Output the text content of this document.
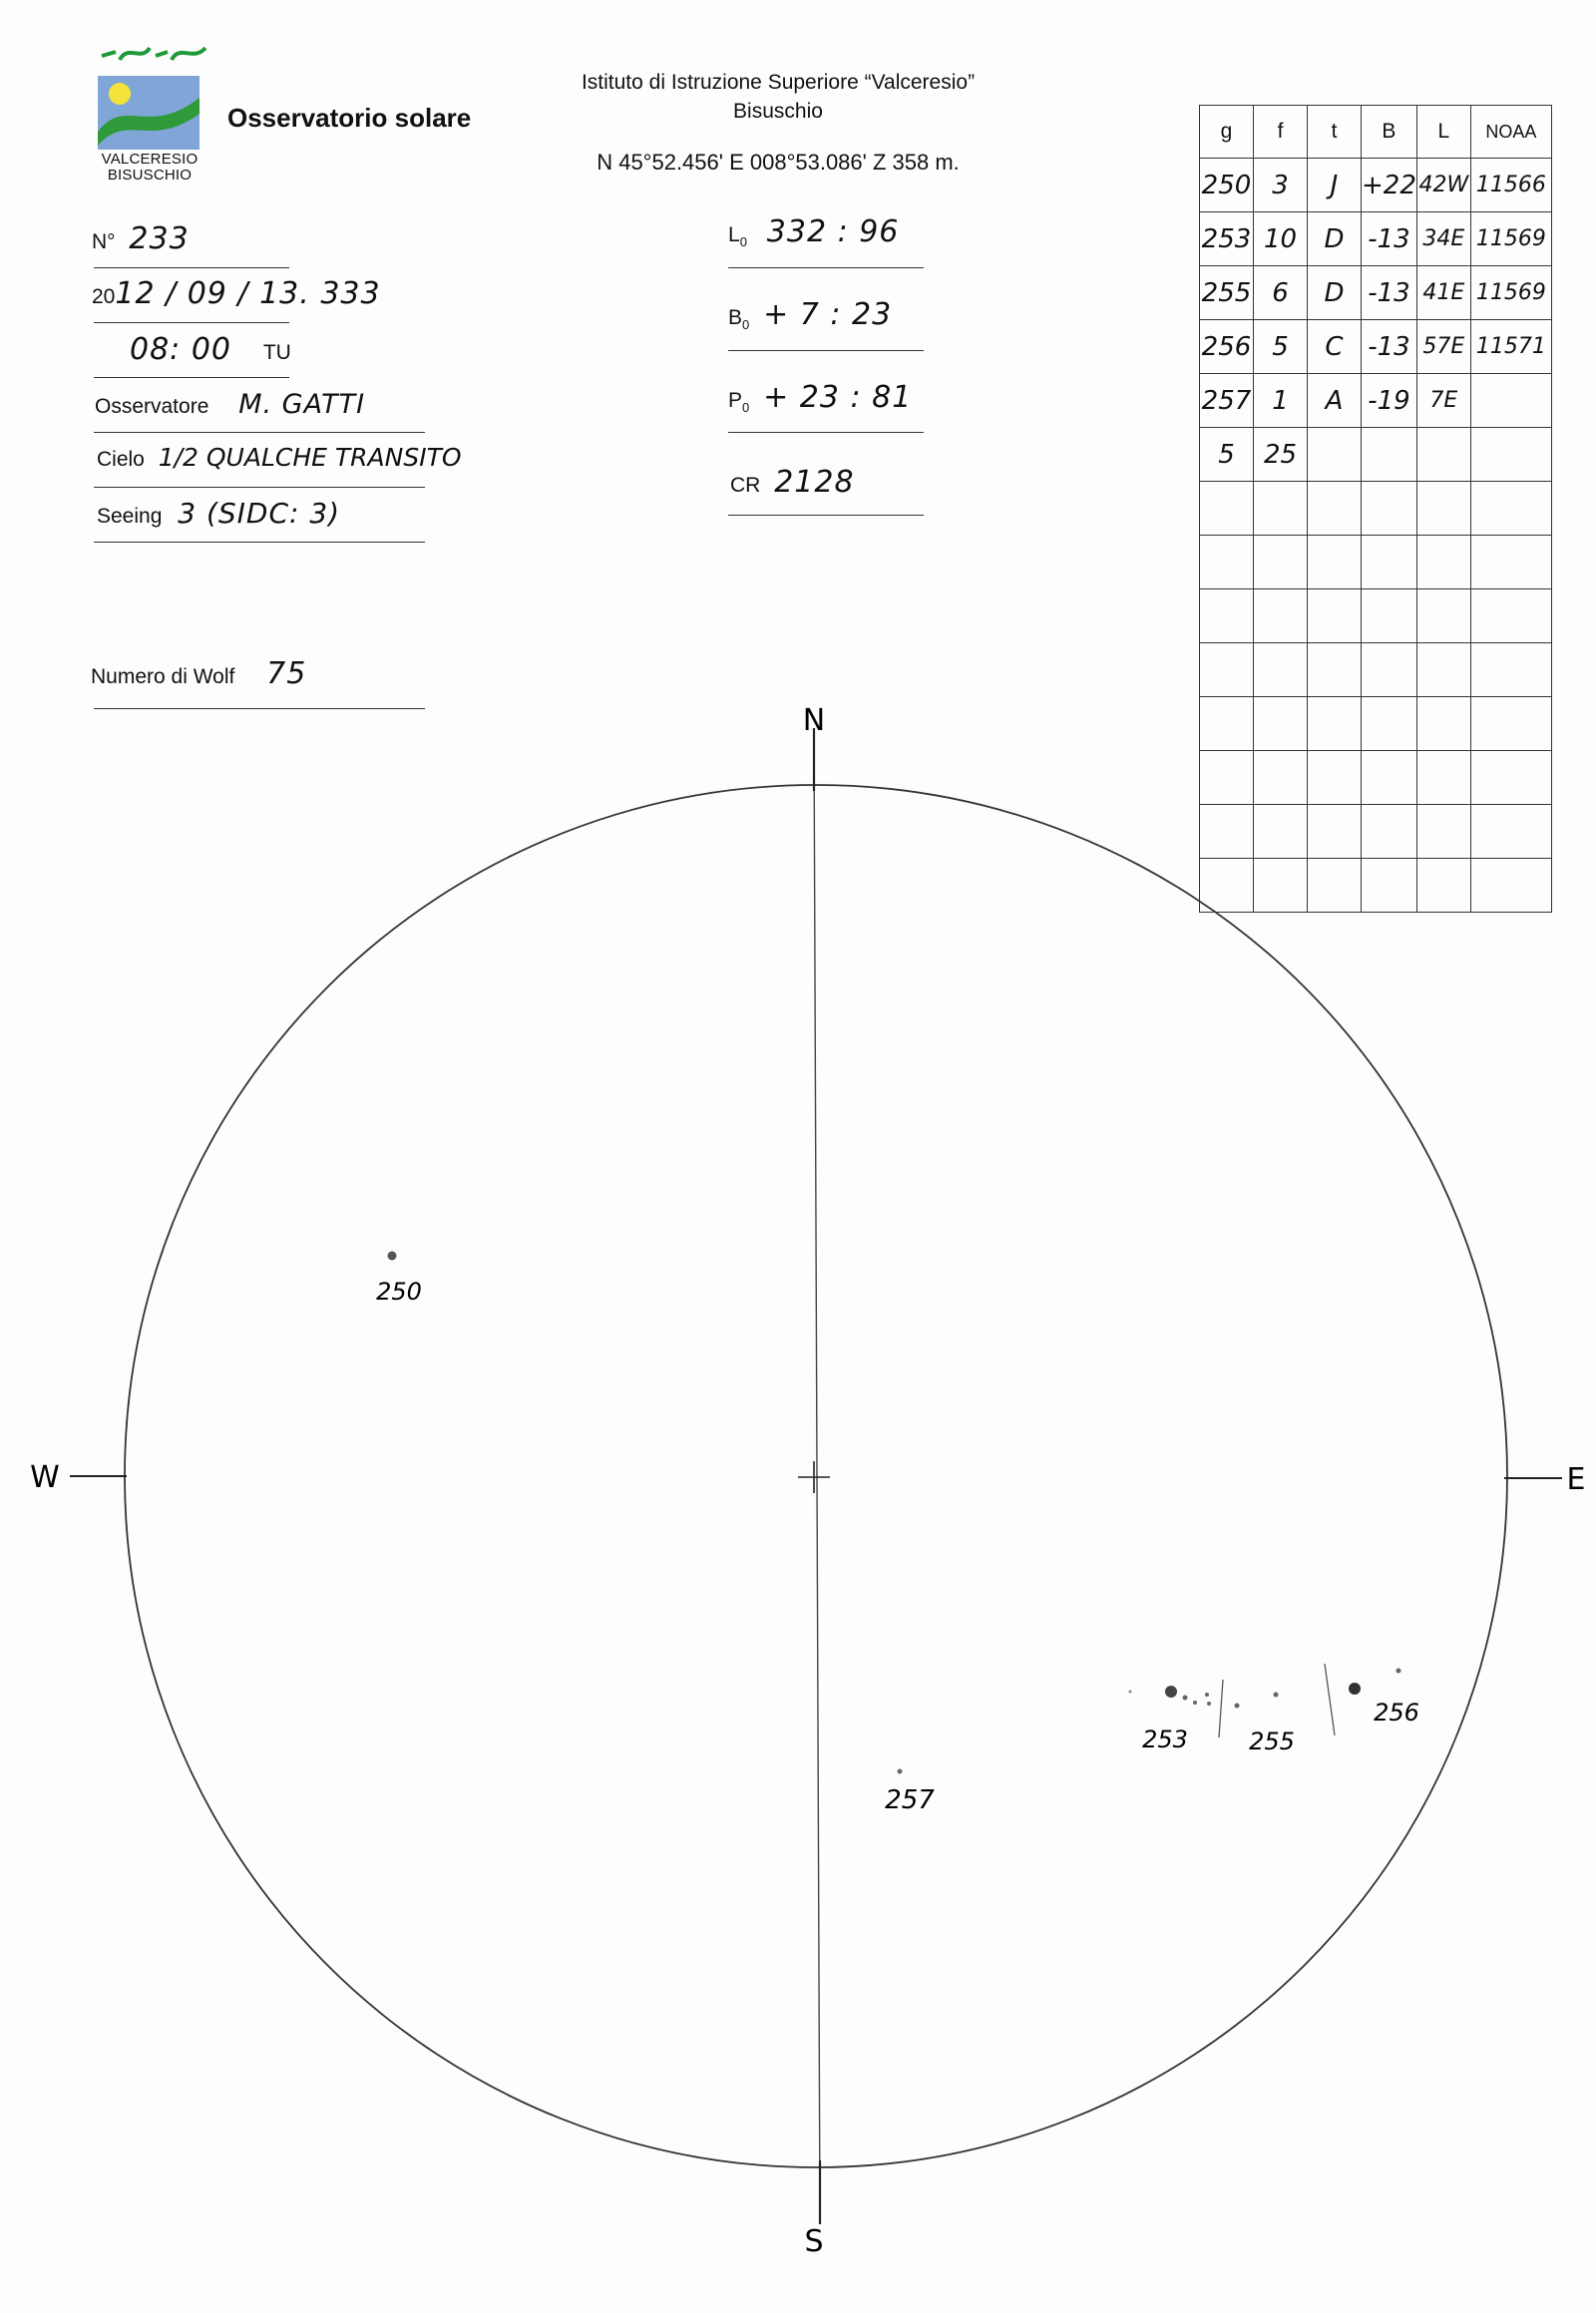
VALCERESIO
BISUSCHIO
Osservatorio solare
Istituto di Istruzione Superiore “Valceresio”
Bisuschio
N 45°52.456' E 008°53.086' Z 358 m.
N° 233
2012 / 09 / 13. 333
08: 00 TU
Osservatore M. GATTI
Cielo 1/2 QUALCHE TRANSITO
Seeing 3 (SIDC: 3)
Numero di Wolf 75
$L_0$ 332 : 96
$B_0 + 7$ : 23
$P_0 + 23$ : 81
CR 2128
g	f	t	B	L	NOAA
250	3	J	+22	42W	11566
253	10	D	-13	34E	11569
255	6	D	-13	41E	11569
256	5	C	-13	57E	11571
257	1	A	-19	7E	
5	25				

N
S
W	E
250
253	255
256
257
